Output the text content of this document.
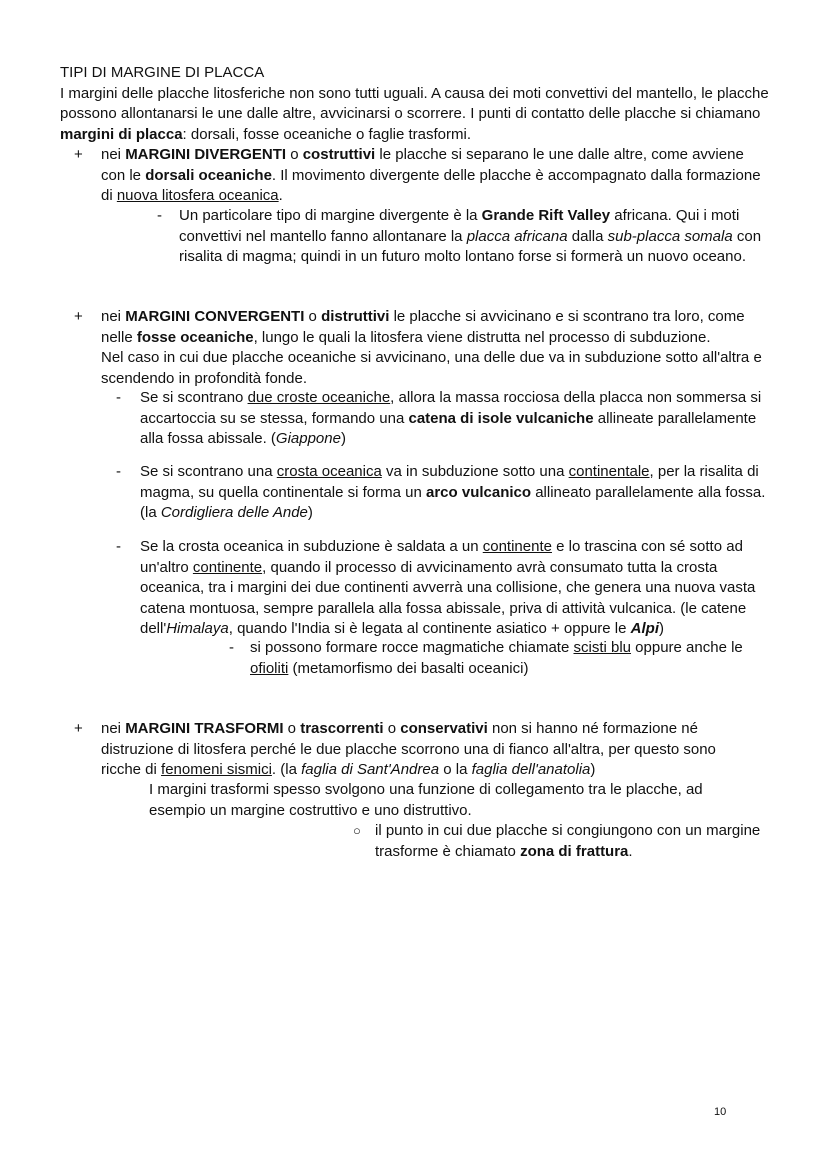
TIPI DI MARGINE DI PLACCA

I margini delle placche litosferiche non sono tutti uguali. A causa dei moti convettivi del mantello, le placche possono allontanarsi le une dalle altre, avvicinarsi o scorrere. I punti di contatto delle placche si chiamano margini di placca: dorsali, fosse oceaniche o faglie trasformi.

+ nei MARGINI DIVERGENTI o costruttivi le placche si separano le une dalle altre, come avviene con le dorsali oceaniche. Il movimento divergente delle placche è accompagnato dalla formazione di nuova litosfera oceanica.

- Un particolare tipo di margine divergente è la Grande Rift Valley africana. Qui i moti convettivi nel mantello fanno allontanare la placca africana dalla sub-placca somala con risalita di magma; quindi in un futuro molto lontano forse si formerà un nuovo oceano.

+ nei MARGINI CONVERGENTI o distruttivi le placche si avvicinano e si scontrano tra loro, come nelle fosse oceaniche, lungo le quali la litosfera viene distrutta nel processo di subduzione.

Nel caso in cui due placche oceaniche si avvicinano, una delle due va in subduzione sotto all'altra e scendendo in profondità fonde.

- Se si scontrano due croste oceaniche, allora la massa rocciosa della placca non sommersa si accartoccia su se stessa, formando una catena di isole vulcaniche allineate parallelamente alla fossa abissale. (Giappone)

- Se si scontrano una crosta oceanica va in subduzione sotto una continentale, per la risalita di magma, su quella continentale si forma un arco vulcanico allineato parallelamente alla fossa. (la Cordigliera delle Ande)

- Se la crosta oceanica in subduzione è saldata a un continente e lo trascina con sé sotto ad un'altro continente, quando il processo di avvicinamento avrà consumato tutta la crosta oceanica, tra i margini dei due continenti avverrà una collisione, che genera una nuova vasta catena montuosa, sempre parallela alla fossa abissale, priva di attività vulcanica. (le catene dell'Himalaya, quando l'India si è legata al continente asiatico + oppure le Alpi)

- si possono formare rocce magmatiche chiamate scisti blu oppure anche le ofioliti (metamorfismo dei basalti oceanici)

+ nei MARGINI TRASFORMI o trascorrenti o conservativi non si hanno né formazione né distruzione di litosfera perché le due placche scorrono una di fianco all'altra, per questo sono ricche di fenomeni sismici. (la faglia di Sant'Andrea o la faglia dell'anatolia)

I margini trasformi spesso svolgono una funzione di collegamento tra le placche, ad esempio un margine costruttivo e uno distruttivo.

○ il punto in cui due placche si congiungono con un margine trasforme è chiamato zona di frattura.

10
